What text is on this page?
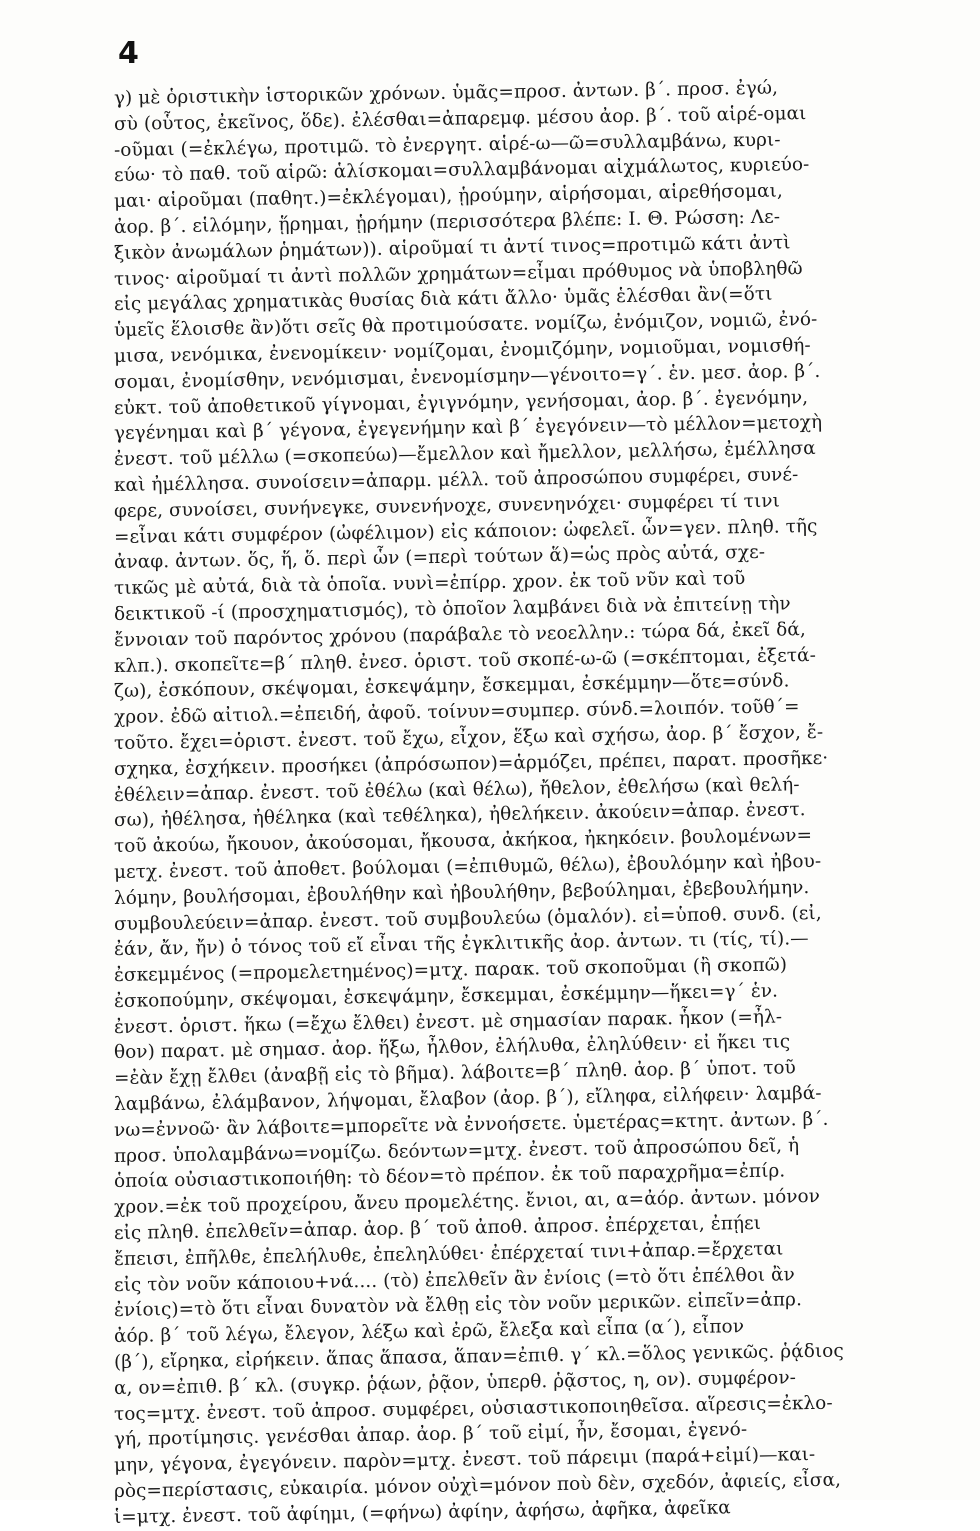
4
γ) μὲ ὁριστικὴν ἱστορικῶν χρόνων. ὑμᾶς=προσ. ἀντων. β΄. προσ. ἐγώ,
σὺ (οὗτος, ἐκεῖνος, ὅδε). ἐλέσθαι=ἀπαρεμφ. μέσου ἀορ. β΄. τοῦ αἱρέ-ομαι
-οῦμαι (=ἐκλέγω, προτιμῶ. τὸ ἐνεργητ. αἱρέ-ω—ῶ=συλλαμβάνω, κυρι-
εύω· τὸ παθ. τοῦ αἱρῶ: ἁλίσκομαι=συλλαμβάνομαι αἰχμάλωτος, κυριεύο-
μαι· αἱροῦμαι (παθητ.)=ἐκλέγομαι), ᾑρούμην, αἱρήσομαι, αἱρεθήσομαι,
ἀορ. β΄. εἱλόμην, ᾕρημαι, ᾑρήμην (περισσότερα βλέπε: Ι. Θ. Ρώσση: Λε-
ξικὸν ἀνωμάλων ῥημάτων)). αἱροῦμαί τι ἀντί τινος=προτιμῶ κάτι ἀντὶ
τινος· αἱροῦμαί τι ἀντὶ πολλῶν χρημάτων=εἶμαι πρόθυμος νὰ ὑποβληθῶ
εἰς μεγάλας χρηματικὰς θυσίας διὰ κάτι ἄλλο· ὑμᾶς ἑλέσθαι ἂν(=ὅτι
ὑμεῖς ἕλοισθε ἂν)ὅτι σεῖς θὰ προτιμούσατε. νομίζω, ἐνόμιζον, νομιῶ, ἐνό-
μισα, νενόμικα, ἐνενομίκειν· νομίζομαι, ἐνομιζόμην, νομιοῦμαι, νομισθή-
σομαι, ἐνομίσθην, νενόμισμαι, ἐνενομίσμην—γένοιτο=γ΄. ἑν. μεσ. ἀορ. β΄.
εὐκτ. τοῦ ἀποθετικοῦ γίγνομαι, ἐγιγνόμην, γενήσομαι, ἀορ. β΄. ἐγενόμην,
γεγένημαι καὶ β΄ γέγονα, ἐγεγενήμην καὶ β΄ ἐγεγόνειν—τὸ μέλλον=μετοχὴ
ἐνεστ. τοῦ μέλλω (=σκοπεύω)—ἔμελλον καὶ ἤμελλον, μελλήσω, ἐμέλλησα
καὶ ἠμέλλησα. συνοίσειν=ἀπαρμ. μέλλ. τοῦ ἀπροσώπου συμφέρει, συνέ-
φερε, συνοίσει, συνήνεγκε, συνενήνοχε, συνενηνόχει· συμφέρει τί τινι
=εἶναι κάτι συμφέρον (ὠφέλιμον) εἰς κάποιον: ὠφελεῖ. ὧν=γεν. πληθ. τῆς
ἀναφ. ἀντων. ὅς, ἥ, ὅ. περὶ ὧν (=περὶ τούτων ἅ)=ὡς πρὸς αὐτά, σχε-
τικῶς μὲ αὐτά, διὰ τὰ ὁποῖα. νυνὶ=ἐπίρρ. χρον. ἐκ τοῦ νῦν καὶ τοῦ
δεικτικοῦ -ί (προσχηματισμός), τὸ ὁποῖον λαμβάνει διὰ νὰ ἐπιτείνῃ τὴν
ἔννοιαν τοῦ παρόντος χρόνου (παράβαλε τὸ νεοελλην.: τώρα δά, ἐκεῖ δά,
κλπ.). σκοπεῖτε=β΄ πληθ. ἐνεσ. ὁριστ. τοῦ σκοπέ-ω-ῶ (=σκέπτομαι, ἐξετά-
ζω), ἐσκόπουν, σκέψομαι, ἐσκεψάμην, ἔσκεμμαι, ἐσκέμμην—ὅτε=σύνδ.
χρον. ἐδῶ αἰτιολ.=ἐπειδή, ἀφοῦ. τοίνυν=συμπερ. σύνδ.=λοιπόν. τοῦθ΄=
τοῦτο. ἔχει=ὁριστ. ἐνεστ. τοῦ ἔχω, εἶχον, ἕξω καὶ σχήσω, ἀορ. β΄ ἔσχον, ἔ-
σχηκα, ἐσχήκειν. προσήκει (ἀπρόσωπον)=ἁρμόζει, πρέπει, παρατ. προσῆκε·
ἐθέλειν=ἀπαρ. ἐνεστ. τοῦ ἐθέλω (καὶ θέλω), ἤθελον, ἐθελήσω (καὶ θελή-
σω), ἠθέλησα, ἠθέληκα (καὶ τεθέληκα), ἠθελήκειν. ἀκούειν=ἀπαρ. ἐνεστ.
τοῦ ἀκούω, ἤκουον, ἀκούσομαι, ἤκουσα, ἀκήκοα, ἠκηκόειν. βουλομένων=
μετχ. ἐνεστ. τοῦ ἀποθετ. βούλομαι (=ἐπιθυμῶ, θέλω), ἐβουλόμην καὶ ἠβου-
λόμην, βουλήσομαι, ἐβουλήθην καὶ ἠβουλήθην, βεβούλημαι, ἐβεβουλήμην.
συμβουλεύειν=ἀπαρ. ἐνεστ. τοῦ συμβουλεύω (ὁμαλόν). εἰ=ὑποθ. συνδ. (εἰ,
ἐάν, ἄν, ἤν) ὁ τόνος τοῦ εἴ εἶναι τῆς ἐγκλιτικῆς ἀορ. ἀντων. τι (τίς, τί).—
ἐσκεμμένος (=προμελετημένος)=μτχ. παρακ. τοῦ σκοποῦμαι (ἢ σκοπῶ)
ἐσκοπούμην, σκέψομαι, ἐσκεψάμην, ἔσκεμμαι, ἐσκέμμην—ἥκει=γ΄ ἑν.
ἐνεστ. ὁριστ. ἥκω (=ἔχω ἔλθει) ἐνεστ. μὲ σημασίαν παρακ. ἧκον (=ἦλ-
θον) παρατ. μὲ σημασ. ἀορ. ἥξω, ἦλθον, ἐλήλυθα, ἐληλύθειν· εἰ ἥκει τις
=ἐὰν ἔχῃ ἔλθει (ἀναβῇ εἰς τὸ βῆμα). λάβοιτε=β΄ πληθ. ἀορ. β΄ ὑποτ. τοῦ
λαμβάνω, ἐλάμβανον, λήψομαι, ἔλαβον (ἀορ. β΄), εἴληφα, εἰλήφειν· λαμβά-
νω=ἐννοῶ· ἂν λάβοιτε=μπορεῖτε νὰ ἐννοήσετε. ὑμετέρας=κτητ. ἀντων. β΄.
προσ. ὑπολαμβάνω=νομίζω. δεόντων=μτχ. ἐνεστ. τοῦ ἀπροσώπου δεῖ, ἡ
ὁποία οὐσιαστικοποιήθη: τὸ δέον=τὸ πρέπον. ἐκ τοῦ παραχρῆμα=ἐπίρ.
χρον.=ἐκ τοῦ προχείρου, ἄνευ προμελέτης. ἔνιοι, αι, α=ἀόρ. ἀντων. μόνον
εἰς πληθ. ἐπελθεῖν=ἀπαρ. ἀορ. β΄ τοῦ ἀποθ. ἀπροσ. ἐπέρχεται, ἐπῄει
ἔπεισι, ἐπῆλθε, ἐπελήλυθε, ἐπεληλύθει· ἐπέρχεταί τινι+ἀπαρ.=ἔρχεται
εἰς τὸν νοῦν κάποιου+νά.... (τὸ) ἐπελθεῖν ἂν ἐνίοις (=τὸ ὅτι ἐπέλθοι ἂν
ἐνίοις)=τὸ ὅτι εἶναι δυνατὸν νὰ ἔλθῃ εἰς τὸν νοῦν μερικῶν. εἰπεῖν=ἀπρ.
ἀόρ. β΄ τοῦ λέγω, ἔλεγον, λέξω καὶ ἐρῶ, ἔλεξα καὶ εἶπα (α΄), εἶπον
(β΄), εἴρηκα, εἰρήκειν. ἅπας ἅπασα, ἅπαν=ἐπιθ. γ΄ κλ.=ὅλος γενικῶς. ῥᾴδιος
α, ον=ἐπιθ. β΄ κλ. (συγκρ. ῥᾴων, ῥᾷον, ὑπερθ. ῥᾷστος, η, ον). συμφέρον-
τος=μτχ. ἐνεστ. τοῦ ἀπροσ. συμφέρει, οὐσιαστικοποιηθεῖσα. αἵρεσις=ἐκλο-
γή, προτίμησις. γενέσθαι ἀπαρ. ἀορ. β΄ τοῦ εἰμί, ἦν, ἔσομαι, ἐγενό-
μην, γέγονα, ἐγεγόνειν. παρὸν=μτχ. ἐνεστ. τοῦ πάρειμι (παρά+εἰμί)—και-
ρὸς=περίστασις, εὐκαιρία. μόνον οὐχὶ=μόνον ποὺ δὲν, σχεδόν, ἀφιείς, εἶσα,
ἱ=μτχ. ἐνεστ. τοῦ ἀφίημι, (=φήνω) ἀφίην, ἀφήσω, ἀφῆκα, ἀφεῖκα
